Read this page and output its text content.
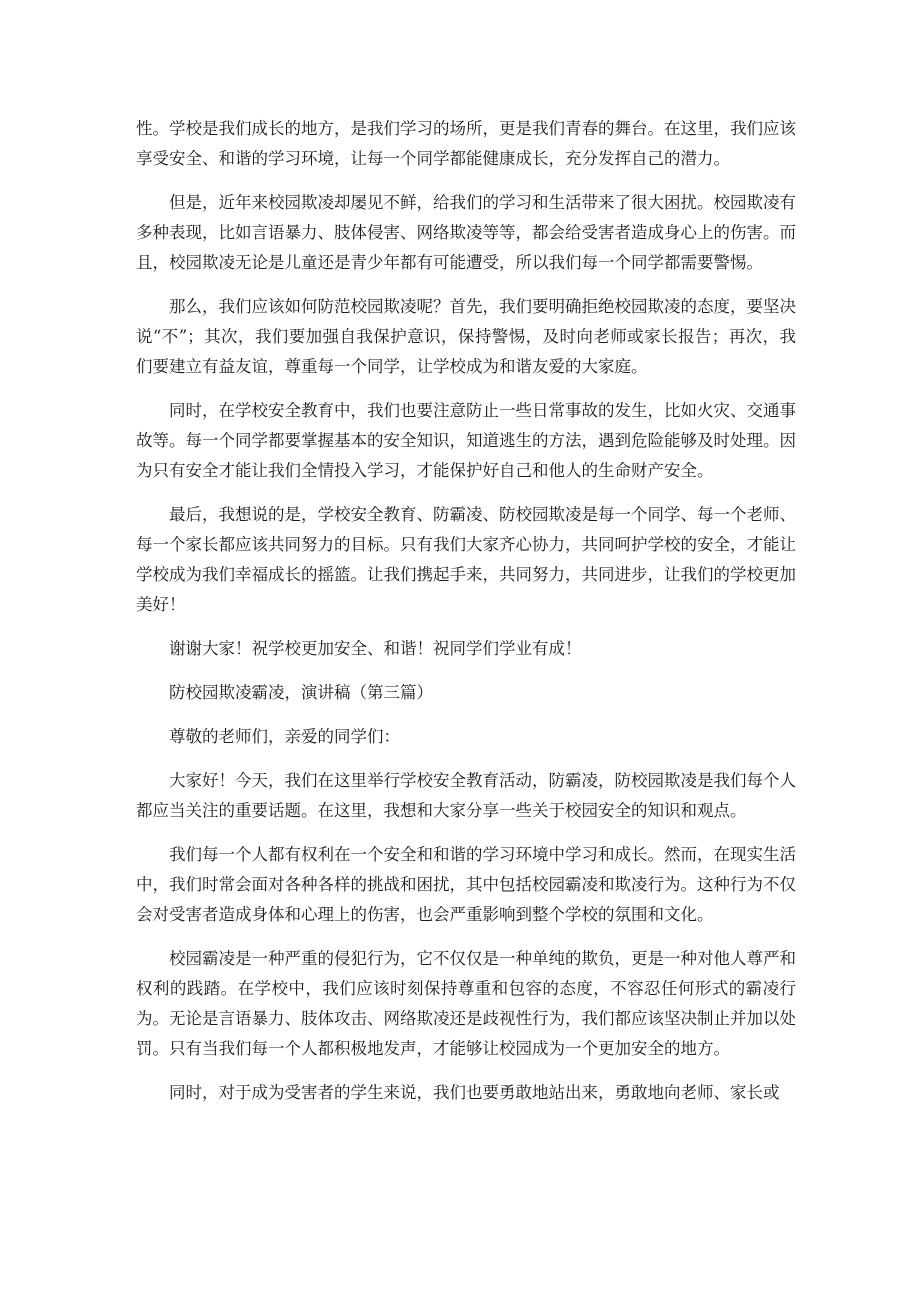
性。学校是我们成长的地方，是我们学习的场所，更是我们青春的舞台。在这里，我们应该享受安全、和谐的学习环境，让每一个同学都能健康成长，充分发挥自己的潜力。

但是，近年来校园欺凌却屡见不鲜，给我们的学习和生活带来了很大困扰。校园欺凌有多种表现，比如言语暴力、肢体侵害、网络欺凌等等，都会给受害者造成身心上的伤害。而且，校园欺凌无论是儿童还是青少年都有可能遭受，所以我们每一个同学都需要警惕。

那么，我们应该如何防范校园欺凌呢？首先，我们要明确拒绝校园欺凌的态度，要坚决说“不”；其次，我们要加强自我保护意识，保持警惕，及时向老师或家长报告；再次，我们要建立有益友谊，尊重每一个同学，让学校成为和谐友爱的大家庭。

同时，在学校安全教育中，我们也要注意防止一些日常事故的发生，比如火灾、交通事故等。每一个同学都要掌握基本的安全知识，知道逃生的方法，遇到危险能够及时处理。因为只有安全才能让我们全情投入学习，才能保护好自己和他人的生命财产安全。

最后，我想说的是，学校安全教育、防霸凌、防校园欺凌是每一个同学、每一个老师、每一个家长都应该共同努力的目标。只有我们大家齐心协力，共同呵护学校的安全，才能让学校成为我们幸福成长的摇篮。让我们携起手来，共同努力，共同进步，让我们的学校更加美好！

谢谢大家！祝学校更加安全、和谐！祝同学们学业有成！

防校园欺凌霸凌，演讲稿（第三篇）

尊敬的老师们，亲爱的同学们：

大家好！今天，我们在这里举行学校安全教育活动，防霸凌，防校园欺凌是我们每个人都应当关注的重要话题。在这里，我想和大家分享一些关于校园安全的知识和观点。

我们每一个人都有权利在一个安全和和谐的学习环境中学习和成长。然而，在现实生活中，我们时常会面对各种各样的挑战和困扰，其中包括校园霸凌和欺凌行为。这种行为不仅会对受害者造成身体和心理上的伤害，也会严重影响到整个学校的氛围和文化。

校园霸凌是一种严重的侵犯行为，它不仅仅是一种单纯的欺负，更是一种对他人尊严和权利的践踏。在学校中，我们应该时刻保持尊重和包容的态度，不容忍任何形式的霸凌行为。无论是言语暴力、肢体攻击、网络欺凌还是歧视性行为，我们都应该坚决制止并加以处罚。只有当我们每一个人都积极地发声，才能够让校园成为一个更加安全的地方。

同时，对于成为受害者的学生来说，我们也要勇敢地站出来，勇敢地向老师、家长或
